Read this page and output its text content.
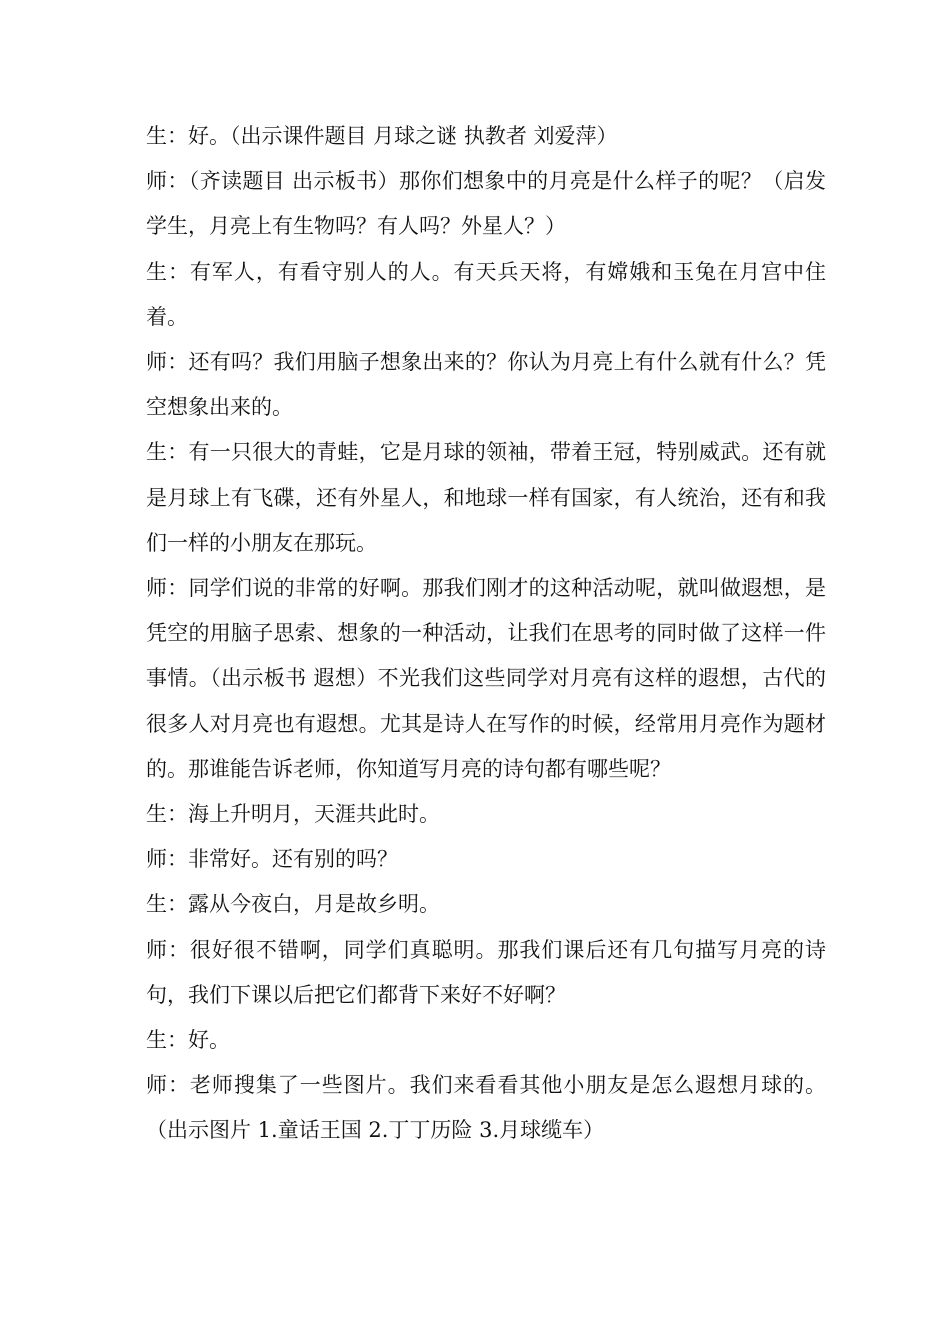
生：好。（出示课件题目 月球之谜 执教者 刘爱萍）

师：（齐读题目 出示板书）那你们想象中的月亮是什么样子的呢？（启发学生，月亮上有生物吗？有人吗？外星人？）

生：有军人，有看守别人的人。有天兵天将，有嫦娥和玉兔在月宫中住着。

师：还有吗？我们用脑子想象出来的？你认为月亮上有什么就有什么？凭空想象出来的。

生：有一只很大的青蛙，它是月球的领袖，带着王冠，特别威武。还有就是月球上有飞碟，还有外星人，和地球一样有国家，有人统治，还有和我们一样的小朋友在那玩。

师：同学们说的非常的好啊。那我们刚才的这种活动呢，就叫做遐想，是凭空的用脑子思索、想象的一种活动，让我们在思考的同时做了这样一件事情。（出示板书 遐想）不光我们这些同学对月亮有这样的遐想，古代的很多人对月亮也有遐想。尤其是诗人在写作的时候，经常用月亮作为题材的。那谁能告诉老师，你知道写月亮的诗句都有哪些呢？

生：海上升明月，天涯共此时。

师：非常好。还有别的吗？

生：露从今夜白，月是故乡明。

师：很好很不错啊，同学们真聪明。那我们课后还有几句描写月亮的诗句，我们下课以后把它们都背下来好不好啊？

生：好。

师：老师搜集了一些图片。我们来看看其他小朋友是怎么遐想月球的。（出示图片 1.童话王国 2.丁丁历险 3.月球缆车）
